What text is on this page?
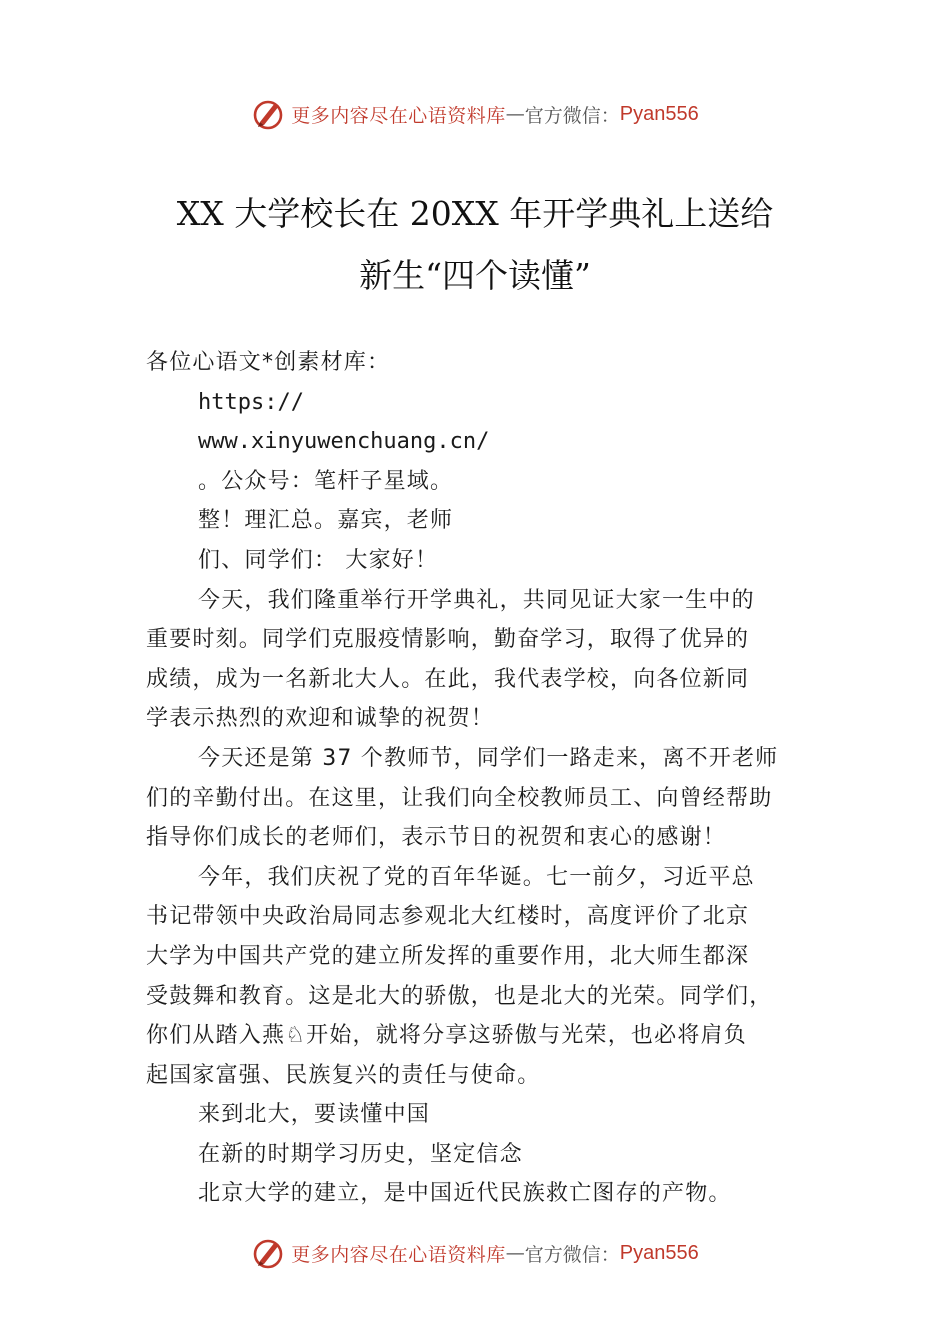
更多内容尽在心语资料库 — 官方微信： Pyan556
XX 大学校长在 20XX 年开学典礼上送给
新生“四个读懂”

各位心语文*创素材库：

https://

www.xinyuwenchuang.cn/

。公众号：笔杆子星域。

整！理汇总。嘉宾，老师

们、同学们： 大家好！

今天，我们隆重举行开学典礼，共同见证大家一生中的

重要时刻。同学们克服疫情影响，勤奋学习，取得了优异的

成绩，成为一名新北大人。在此，我代表学校，向各位新同

学表示热烈的欢迎和诚挚的祝贺！

今天还是第 37 个教师节，同学们一路走来，离不开老师

们的辛勤付出。在这里，让我们向全校教师员工、向曾经帮助

指导你们成长的老师们，表示节日的祝贺和衷心的感谢！

今年，我们庆祝了党的百年华诞。七一前夕，习近平总

书记带领中央政治局同志参观北大红楼时，高度评价了北京

大学为中国共产党的建立所发挥的重要作用，北大师生都深

受鼓舞和教育。这是北大的骄傲，也是北大的光荣。同学们，

你们从踏入燕♘开始，就将分享这骄傲与光荣，也必将肩负

起国家富强、民族复兴的责任与使命。

来到北大，要读懂中国

在新的时期学习历史，坚定信念

北京大学的建立，是中国近代民族救亡图存的产物。

更多内容尽在心语资料库 — 官方微信： Pyan556
